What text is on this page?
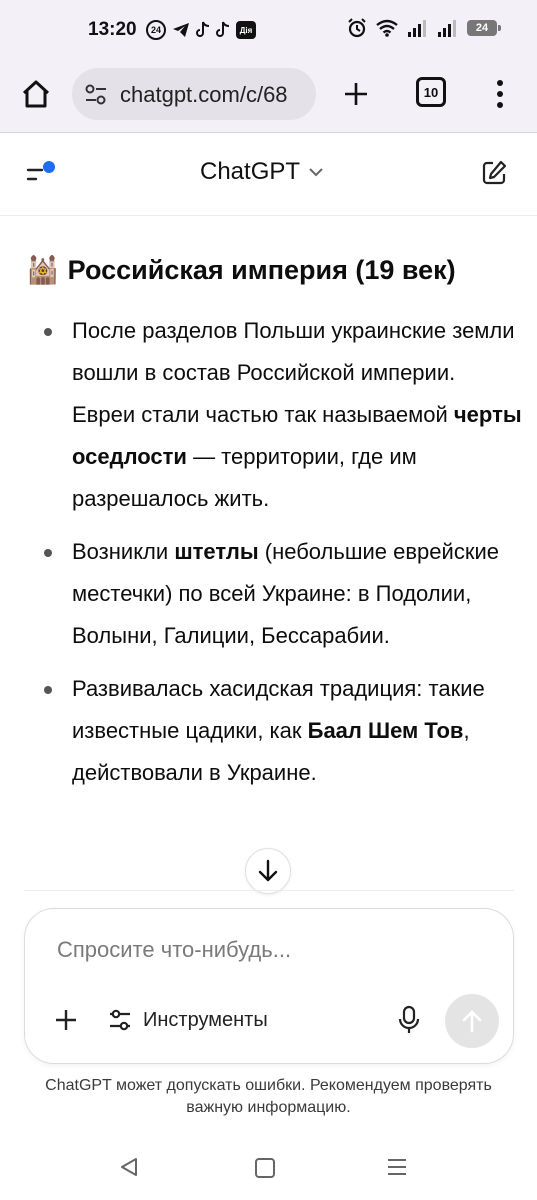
13:20	24	Дія	24
chatgpt.com/c/68	10
ChatGPT
🕍 Российская империя (19 век)
После разделов Польши украинские земли вошли в состав Российской империи. Евреи стали частью так называемой черты оседлости — территории, где им разрешалось жить.
Возникли штетлы (небольшие еврейские местечки) по всей Украине: в Подолии, Волыни, Галиции, Бессарабии.
Развивалась хасидская традиция: такие известные цадики, как Баал Шем Тов, действовали в Украине.
Спросите что-нибудь...
Инструменты
ChatGPT может допускать ошибки. Рекомендуем проверять
важную информацию.
